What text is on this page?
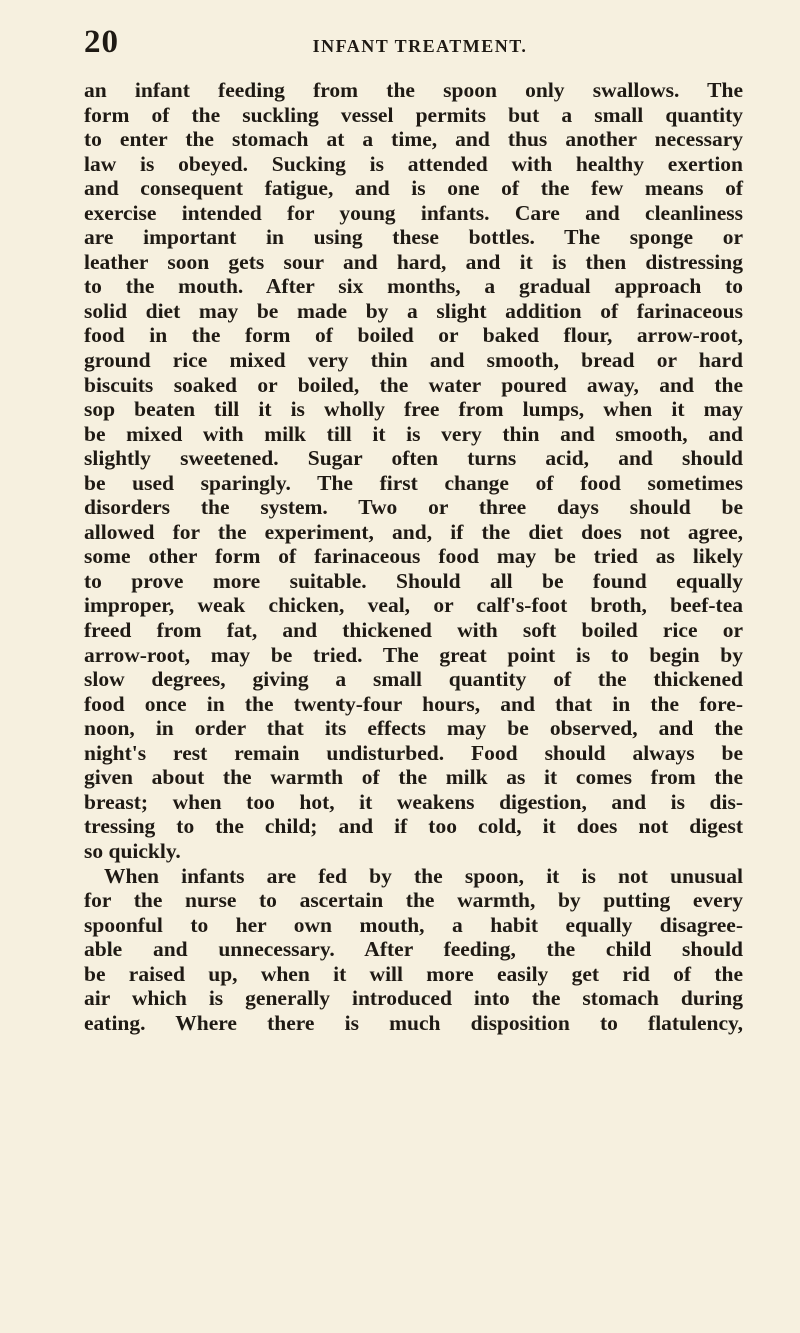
20	INFANT TREATMENT.
an infant feeding from the spoon only swallows. The
form of the suckling vessel permits but a small quantity
to enter the stomach at a time, and thus another necessary
law is obeyed. Sucking is attended with healthy exertion
and consequent fatigue, and is one of the few means of
exercise intended for young infants. Care and cleanliness
are important in using these bottles. The sponge or
leather soon gets sour and hard, and it is then distressing
to the mouth. After six months, a gradual approach to
solid diet may be made by a slight addition of farinaceous
food in the form of boiled or baked flour, arrow-root,
ground rice mixed very thin and smooth, bread or hard
biscuits soaked or boiled, the water poured away, and the
sop beaten till it is wholly free from lumps, when it may
be mixed with milk till it is very thin and smooth, and
slightly sweetened. Sugar often turns acid, and should
be used sparingly. The first change of food sometimes
disorders the system. Two or three days should be
allowed for the experiment, and, if the diet does not agree,
some other form of farinaceous food may be tried as likely
to prove more suitable. Should all be found equally
improper, weak chicken, veal, or calf's-foot broth, beef-tea
freed from fat, and thickened with soft boiled rice or
arrow-root, may be tried. The great point is to begin by
slow degrees, giving a small quantity of the thickened
food once in the twenty-four hours, and that in the fore-
noon, in order that its effects may be observed, and the
night's rest remain undisturbed. Food should always be
given about the warmth of the milk as it comes from the
breast; when too hot, it weakens digestion, and is dis-
tressing to the child; and if too cold, it does not digest
so quickly.
When infants are fed by the spoon, it is not unusual
for the nurse to ascertain the warmth, by putting every
spoonful to her own mouth, a habit equally disagree-
able and unnecessary. After feeding, the child should
be raised up, when it will more easily get rid of the
air which is generally introduced into the stomach during
eating. Where there is much disposition to flatulency,
